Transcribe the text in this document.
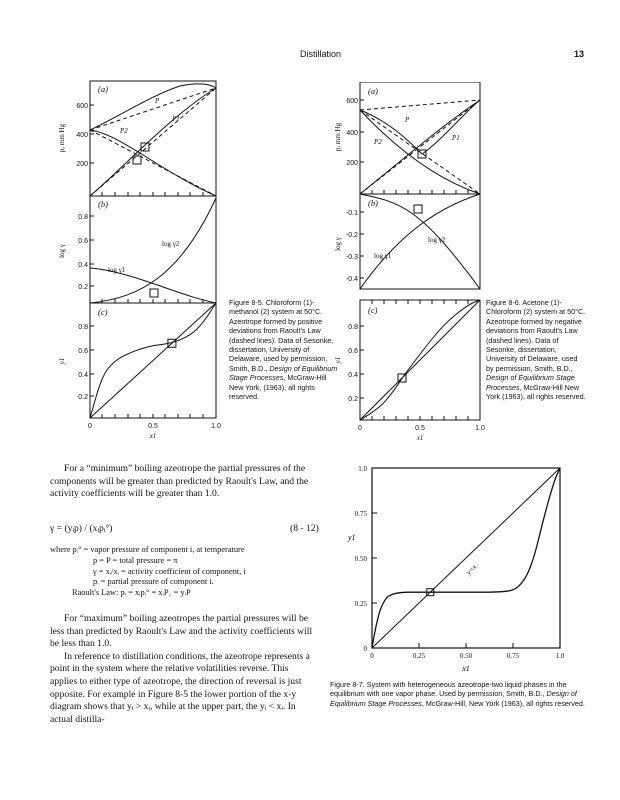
Distillation	13
(a)
(b)
(c)
600
400
200
0.8
0.6
0.4
0.2
0.8
0.6
0.4
0.2
0	0.5	1.0
x1
p, mm Hg
log γ
y1
P
P2
P1
log γ2
log γ1
Figure 8-5. Chloroform (1)-methanol (2) system at 50°C. Azeotrope formed by positive deviations from Raoult's Law (dashed lines). Data of Sesonke, dissertation, University of Delaware, used by permission, Smith, B.D., Design of Equilibrium Stage Processes, McGraw-Hill New York, (1963), all rights reserved.
(a)
(b)
(c)
600
400
200
-0.1
-0.2
-0.3
-0.4
0.8
0.6
0.4
0.2
0	0.5	1.0
x1
p, mm Hg
log γ
y1
P
P2	P1
log γ2
log γ1
Figure 8-6. Acetone (1)-Chloroform (2) system at 50°C. Azeotrope formed by negative deviations from Raoult's Law (dashed lines). Data of Sesonke, dissertation, University of Delaware, used by permission, Smith, B.D., Design of Equilibrium Stage Processes, McGraw-Hill New York (1963), all rights reserved.

For a “minimum” boiling azeotrope the partial pressures of the components will be greater than predicted by Raoult's Law, and the activity coefficients will be greater than 1.0.

γ = (yᵢp) / (xᵢpᵢ°)	(8 - 12)
where pᵢ° = vapor pressure of component i, at temperature
p = P = total pressure = π
γ = xᵢ/xᵢ = activity coefficient of component, i
pᵢ = partial pressure of component i.
Raoult's Law: pᵢ = xᵢpᵢ° = xᵢP₁ = yᵢP

For “maximum” boiling azeotropes the partial pressures will be less than predicted by Raoult's Law and the activity coefficients will be less than 1.0.

In reference to distillation conditions, the azeotrope represents a point in the system where the relative volatilities reverse. This applies to either type of azeotrope, the direction of reversal is just opposite. For example in Figure 8-5 the lower portion of the x-y diagram shows that yᵢ > xᵢ, while at the upper part, the yᵢ < xᵢ. In actual distilla-

1.0
0.75
0.50
0.25
0
0	0.25	0.50	0.75	1.0
x1
y1
y=x
Figure 8-7. System with heterogeneous azeotrope-two liquid phases in the equilibrium with one vapor phase. Used by permission, Smith, B.D., Design of Equilibrium Stage Processes, McGraw-Hill, New York (1963), all rights reserved.
